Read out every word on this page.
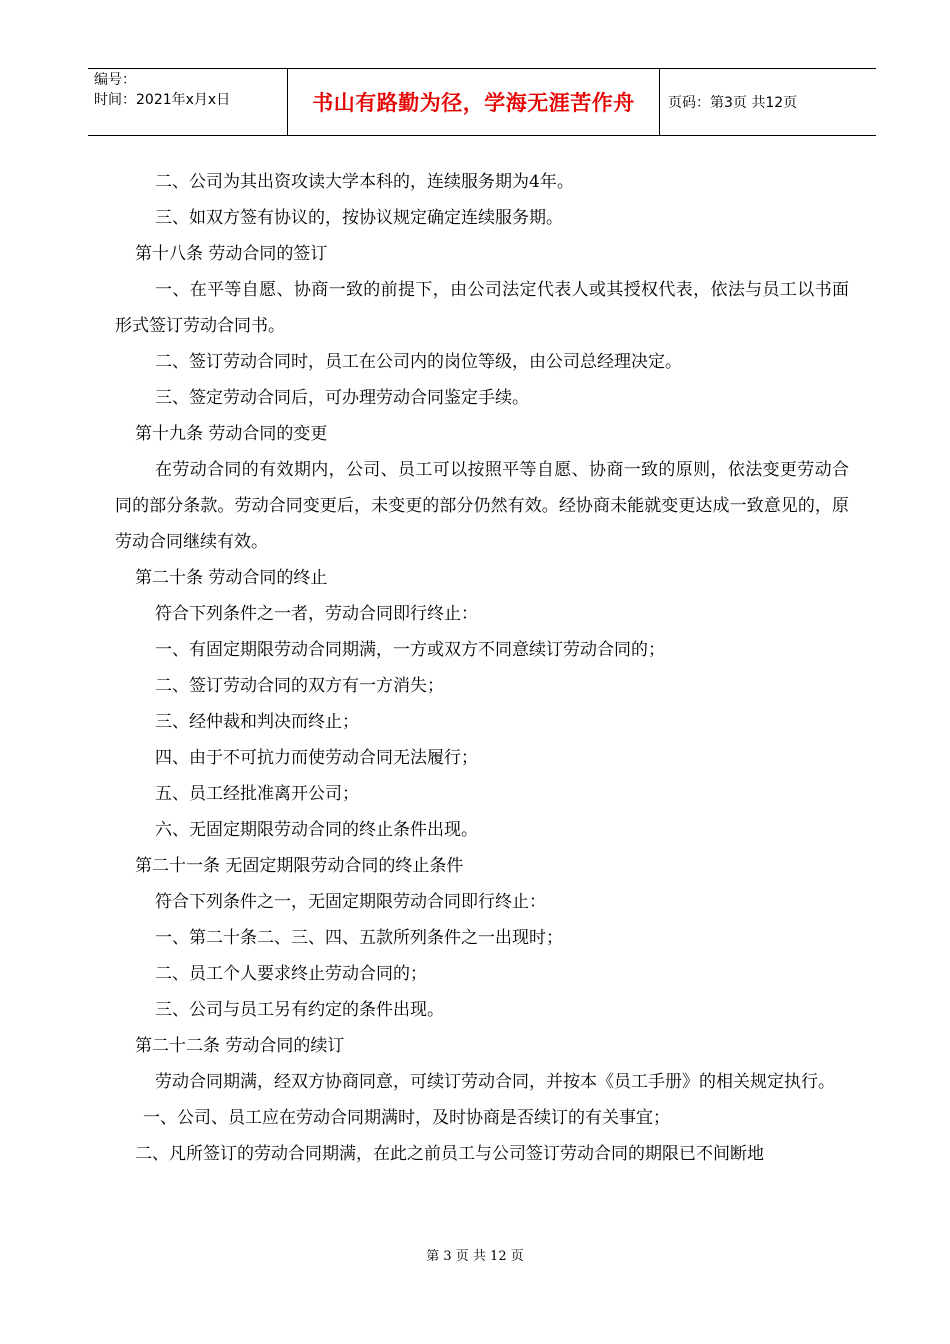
编号：
时间：2021年x月x日	书山有路勤为径，学海无涯苦作舟	页码：第3页 共12页

二、公司为其出资攻读大学本科的，连续服务期为4年。

三、如双方签有协议的，按协议规定确定连续服务期。

第十八条 劳动合同的签订

一、在平等自愿、协商一致的前提下，由公司法定代表人或其授权代表，依法与员工以书面形式签订劳动合同书。

二、签订劳动合同时，员工在公司内的岗位等级，由公司总经理决定。

三、签定劳动合同后，可办理劳动合同鉴定手续。

第十九条 劳动合同的变更

在劳动合同的有效期内，公司、员工可以按照平等自愿、协商一致的原则，依法变更劳动合同的部分条款。劳动合同变更后，未变更的部分仍然有效。经协商未能就变更达成一致意见的，原劳动合同继续有效。

第二十条 劳动合同的终止

符合下列条件之一者，劳动合同即行终止：

一、有固定期限劳动合同期满，一方或双方不同意续订劳动合同的；

二、签订劳动合同的双方有一方消失；

三、经仲裁和判决而终止；

四、由于不可抗力而使劳动合同无法履行；

五、员工经批准离开公司；

六、无固定期限劳动合同的终止条件出现。

第二十一条 无固定期限劳动合同的终止条件

符合下列条件之一，无固定期限劳动合同即行终止：

一、第二十条二、三、四、五款所列条件之一出现时；

二、员工个人要求终止劳动合同的；

三、公司与员工另有约定的条件出现。

第二十二条 劳动合同的续订

劳动合同期满，经双方协商同意，可续订劳动合同，并按本《员工手册》的相关规定执行。

一、公司、员工应在劳动合同期满时，及时协商是否续订的有关事宜；

二、凡所签订的劳动合同期满，在此之前员工与公司签订劳动合同的期限已不间断地

第 3 页 共 12 页
